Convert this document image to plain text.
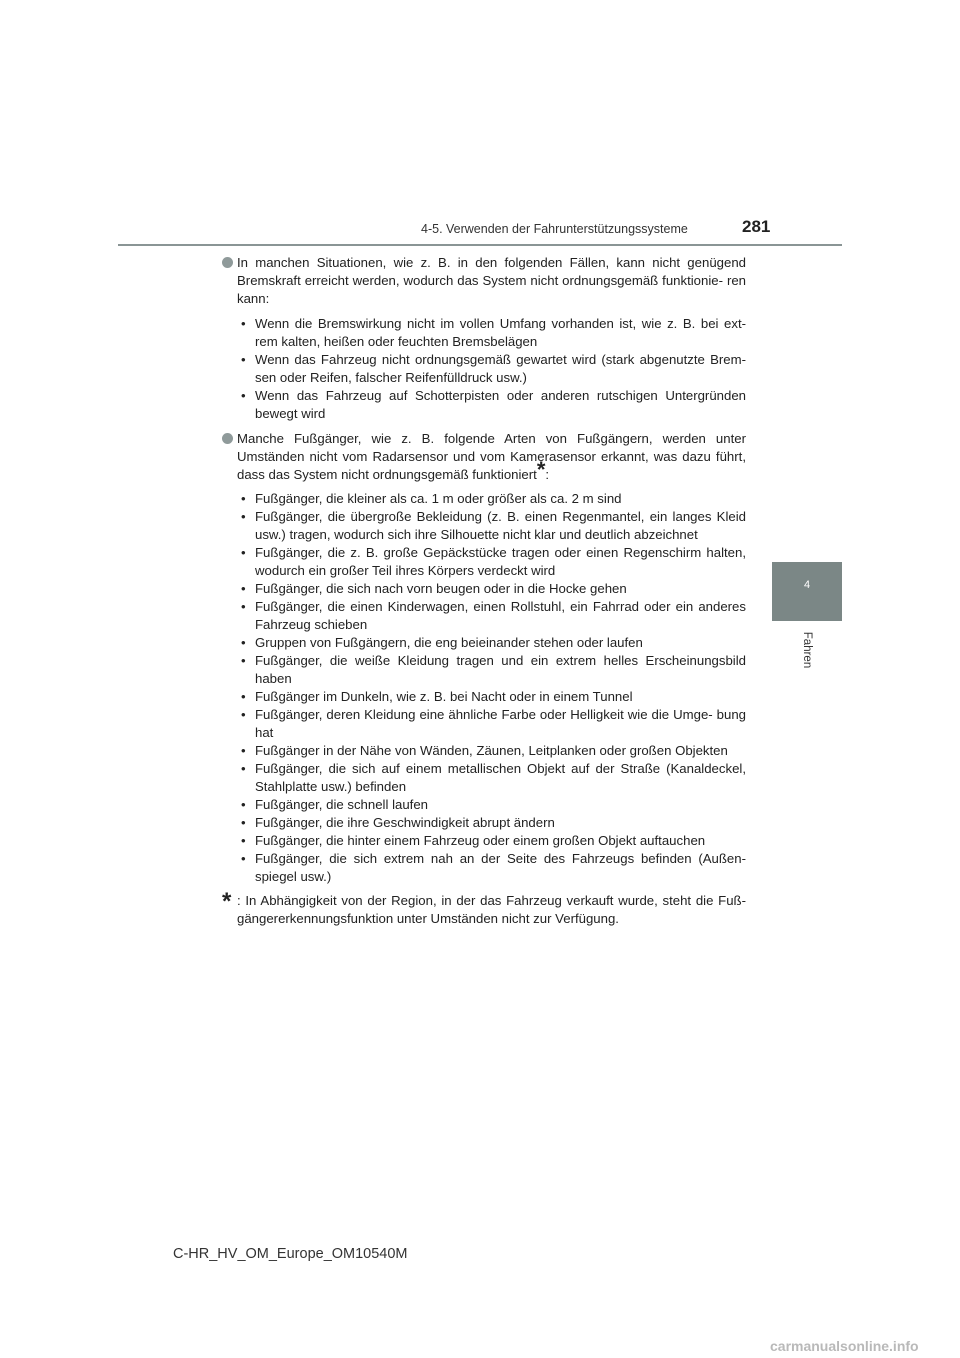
4-5. Verwenden der Fahrunterstützungssysteme	281
4
Fahren
In manchen Situationen, wie z. B. in den folgenden Fällen, kann nicht genügend Bremskraft erreicht werden, wodurch das System nicht ordnungsgemäß funktionie- ren kann:
• Wenn die Bremswirkung nicht im vollen Umfang vorhanden ist, wie z. B. bei ext- rem kalten, heißen oder feuchten Bremsbelägen
• Wenn das Fahrzeug nicht ordnungsgemäß gewartet wird (stark abgenutzte Brem- sen oder Reifen, falscher Reifenfülldruck usw.)
• Wenn das Fahrzeug auf Schotterpisten oder anderen rutschigen Untergründen bewegt wird
Manche Fußgänger, wie z. B. folgende Arten von Fußgängern, werden unter Umständen nicht vom Radarsensor und vom Kamerasensor erkannt, was dazu führt, dass das System nicht ordnungsgemäß funktioniert*:
• Fußgänger, die kleiner als ca. 1 m oder größer als ca. 2 m sind
• Fußgänger, die übergroße Bekleidung (z. B. einen Regenmantel, ein langes Kleid usw.) tragen, wodurch sich ihre Silhouette nicht klar und deutlich abzeichnet
• Fußgänger, die z. B. große Gepäckstücke tragen oder einen Regenschirm halten, wodurch ein großer Teil ihres Körpers verdeckt wird
• Fußgänger, die sich nach vorn beugen oder in die Hocke gehen
• Fußgänger, die einen Kinderwagen, einen Rollstuhl, ein Fahrrad oder ein anderes Fahrzeug schieben
• Gruppen von Fußgängern, die eng beieinander stehen oder laufen
• Fußgänger, die weiße Kleidung tragen und ein extrem helles Erscheinungsbild haben
• Fußgänger im Dunkeln, wie z. B. bei Nacht oder in einem Tunnel
• Fußgänger, deren Kleidung eine ähnliche Farbe oder Helligkeit wie die Umge- bung hat
• Fußgänger in der Nähe von Wänden, Zäunen, Leitplanken oder großen Objekten
• Fußgänger, die sich auf einem metallischen Objekt auf der Straße (Kanaldeckel, Stahlplatte usw.) befinden
• Fußgänger, die schnell laufen
• Fußgänger, die ihre Geschwindigkeit abrupt ändern
• Fußgänger, die hinter einem Fahrzeug oder einem großen Objekt auftauchen
• Fußgänger, die sich extrem nah an der Seite des Fahrzeugs befinden (Außen- spiegel usw.)
* : In Abhängigkeit von der Region, in der das Fahrzeug verkauft wurde, steht die Fuß- gängererkennungsfunktion unter Umständen nicht zur Verfügung.
C-HR_HV_OM_Europe_OM10540M
carmanualsonline.info
